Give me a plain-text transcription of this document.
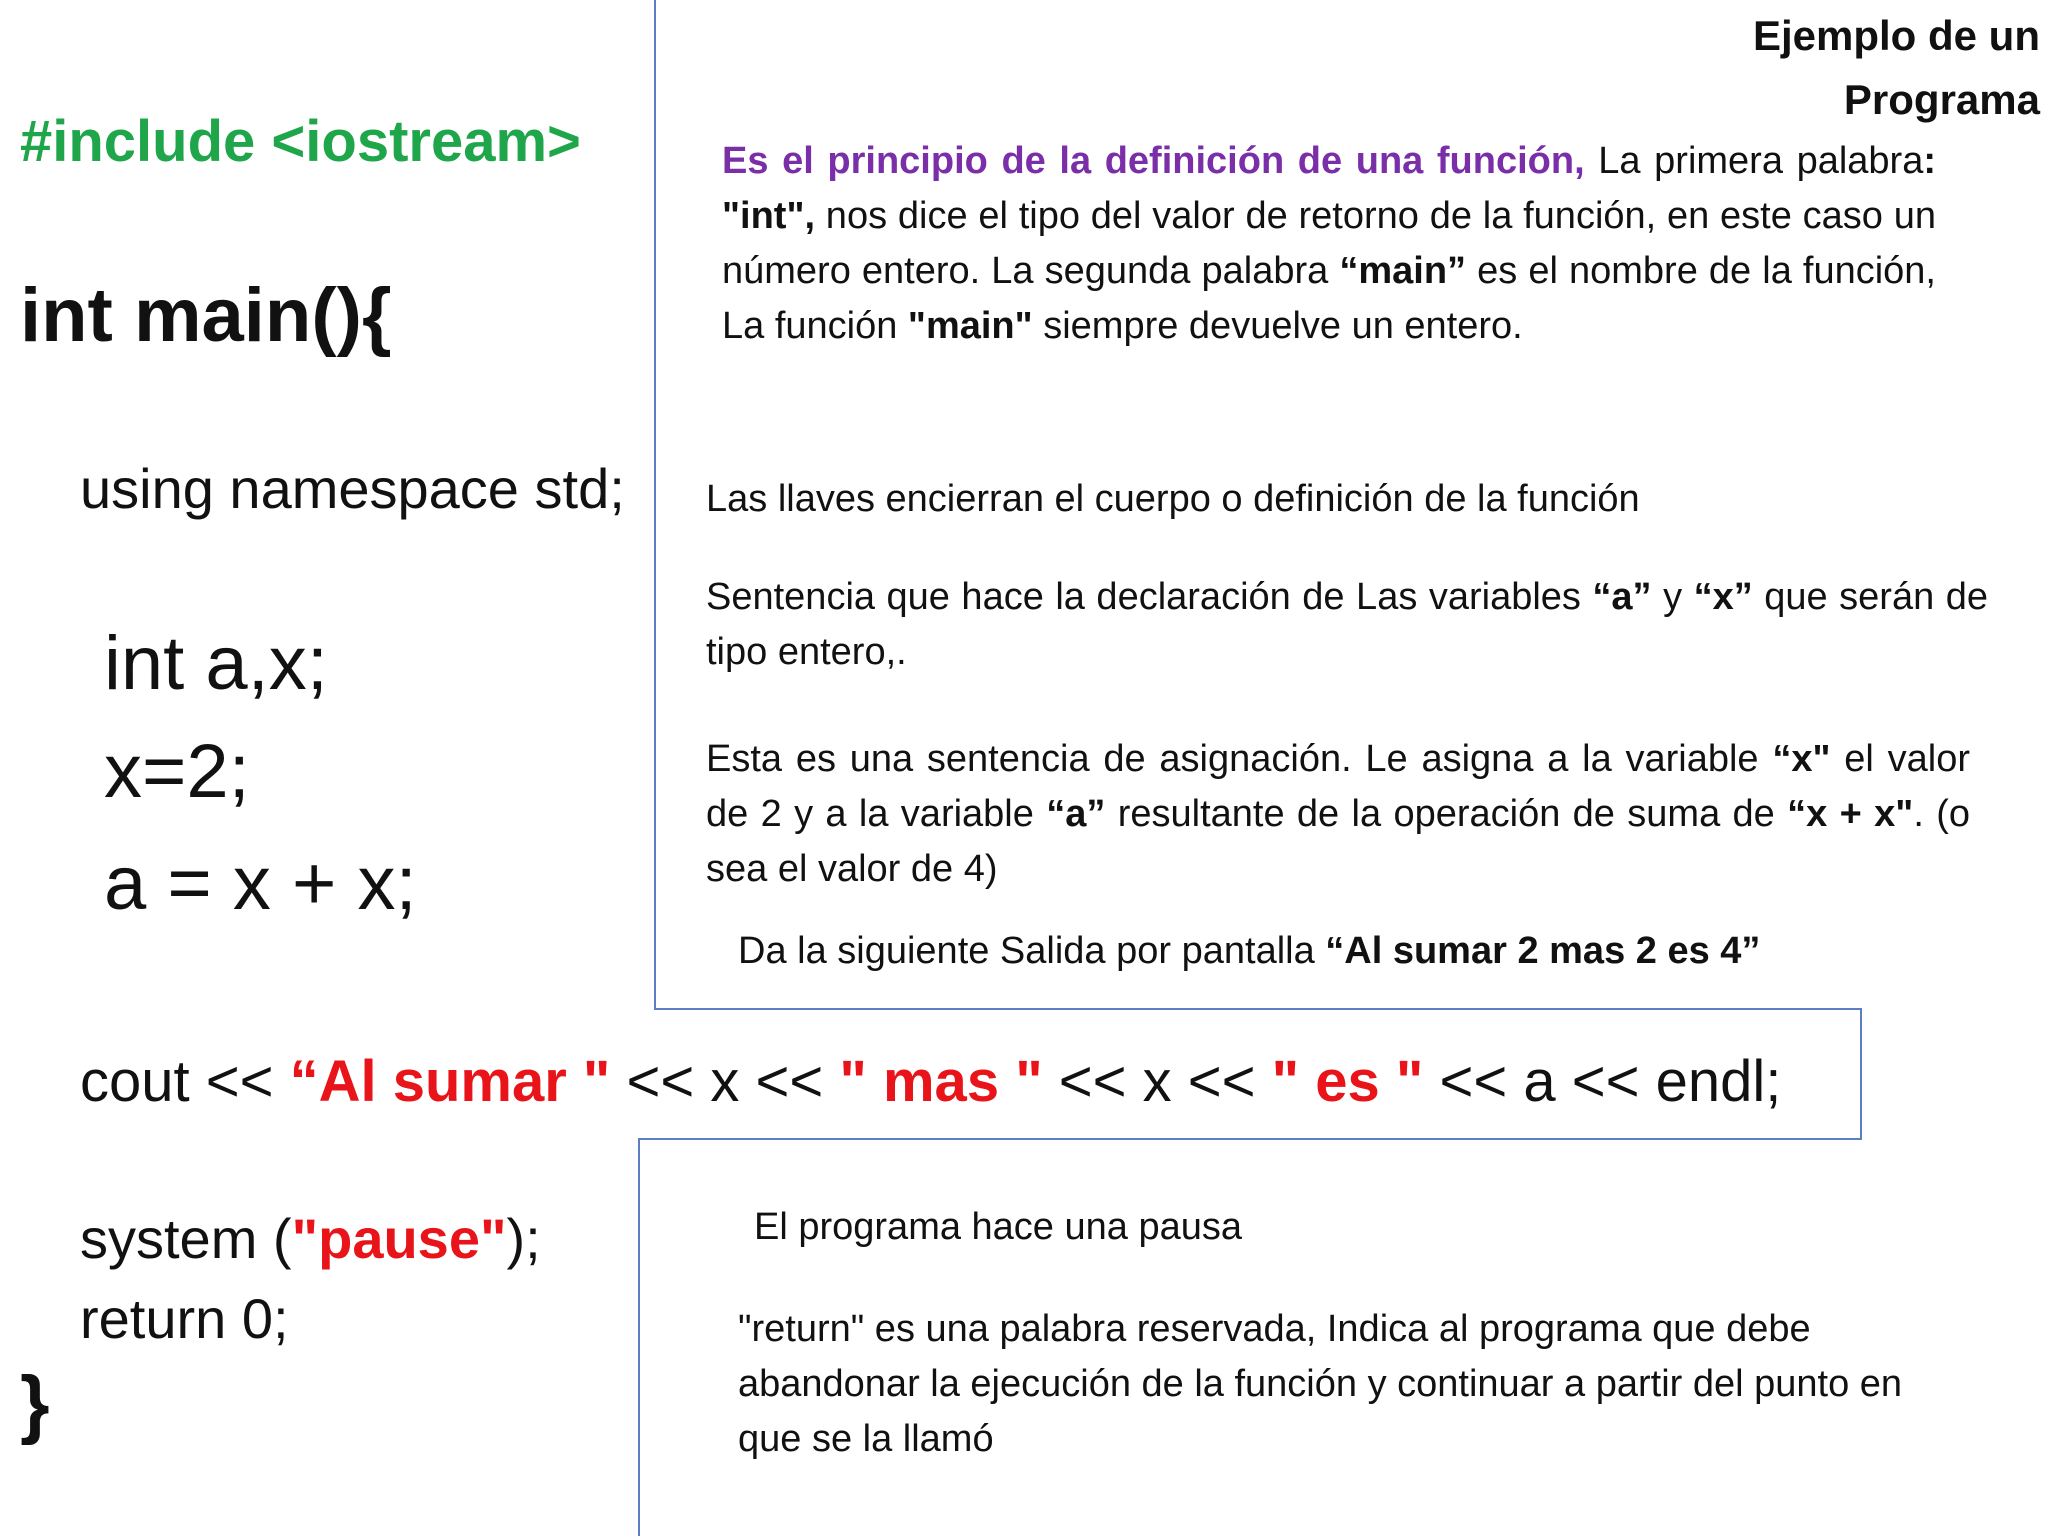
Ejemplo de un
Programa
#include <iostream>
int main(){
using namespace std;
int a,x;
x=2;
a = x + x;
cout << “Al sumar " << x << " mas " << x << " es " << a << endl;
system ("pause");
return 0;
}
Es el principio de la definición de una función, La primera palabra: "int", nos dice el tipo del valor de retorno de la función, en este caso un número entero. La segunda palabra “main” es el nombre de la función, La función "main" siempre devuelve un entero.
Las llaves encierran el cuerpo o definición de la función
Sentencia que hace la declaración de Las variables “a” y “x” que serán de tipo entero,.
Esta es una sentencia de asignación. Le asigna a la variable “x" el valor de 2 y a la variable “a” resultante de la operación de suma de “x + x". (o sea el valor de 4)
Da la siguiente Salida por pantalla “Al sumar 2 mas 2 es 4”
El programa hace una pausa
"return" es una palabra reservada, Indica al programa que debe abandonar la ejecución de la función y continuar a partir del punto en que se la llamó
